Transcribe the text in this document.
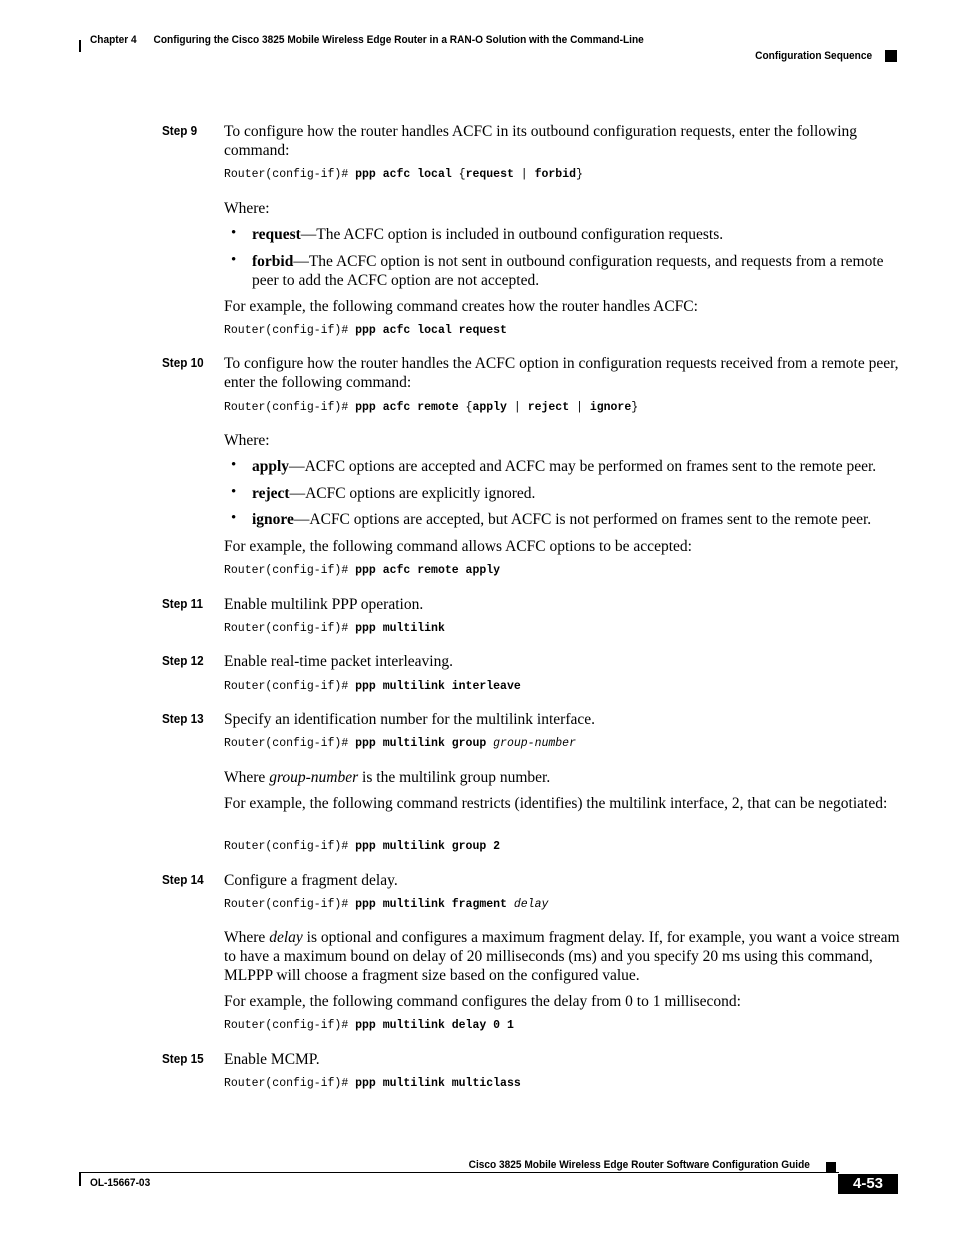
Chapter 4      Configuring the Cisco 3825 Mobile Wireless Edge Router in a RAN-O Solution with the Command-Line
Configuration Sequence
Step 9 To configure how the router handles ACFC in its outbound configuration requests, enter the following command:
Router(config-if)# ppp acfc local {request | forbid}
Where:
• request—The ACFC option is included in outbound configuration requests.
• forbid—The ACFC option is not sent in outbound configuration requests, and requests from a remote peer to add the ACFC option are not accepted.
For example, the following command creates how the router handles ACFC:
Router(config-if)# ppp acfc local request
Step 10 To configure how the router handles the ACFC option in configuration requests received from a remote peer, enter the following command:
Router(config-if)# ppp acfc remote {apply | reject | ignore}
Where:
• apply—ACFC options are accepted and ACFC may be performed on frames sent to the remote peer.
• reject—ACFC options are explicitly ignored.
• ignore—ACFC options are accepted, but ACFC is not performed on frames sent to the remote peer.
For example, the following command allows ACFC options to be accepted:
Router(config-if)# ppp acfc remote apply
Step 11 Enable multilink PPP operation.
Router(config-if)# ppp multilink
Step 12 Enable real-time packet interleaving.
Router(config-if)# ppp multilink interleave
Step 13 Specify an identification number for the multilink interface.
Router(config-if)# ppp multilink group group-number
Where group-number is the multilink group number.
For example, the following command restricts (identifies) the multilink interface, 2, that can be negotiated:
Router(config-if)# ppp multilink group 2
Step 14 Configure a fragment delay.
Router(config-if)# ppp multilink fragment delay
Where delay is optional and configures a maximum fragment delay. If, for example, you want a voice stream to have a maximum bound on delay of 20 milliseconds (ms) and you specify 20 ms using this command, MLPPP will choose a fragment size based on the configured value.
For example, the following command configures the delay from 0 to 1 millisecond:
Router(config-if)# ppp multilink delay 0 1
Step 15 Enable MCMP.
Router(config-if)# ppp multilink multiclass
Cisco 3825 Mobile Wireless Edge Router Software Configuration Guide
OL-15667-03	4-53
